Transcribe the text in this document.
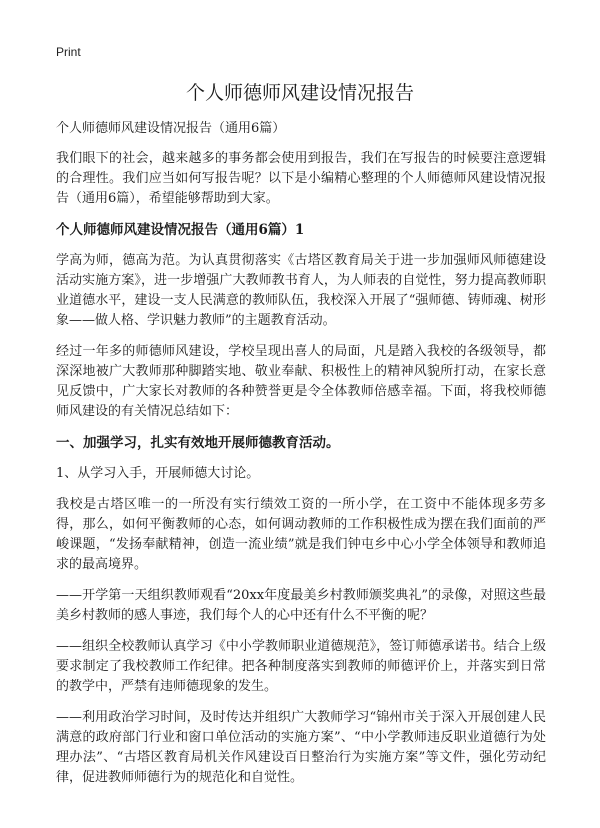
Print
个人师德师风建设情况报告

个人师德师风建设情况报告（通用6篇）

我们眼下的社会，越来越多的事务都会使用到报告，我们在写报告的时候要注意逻辑的合理性。我们应当如何写报告呢？以下是小编精心整理的个人师德师风建设情况报告（通用6篇），希望能够帮助到大家。

个人师德师风建设情况报告（通用6篇）1

学高为师，德高为范。为认真贯彻落实《古塔区教育局关于进一步加强师风师德建设活动实施方案》，进一步增强广大教师教书育人，为人师表的自觉性，努力提高教师职业道德水平，建设一支人民满意的教师队伍，我校深入开展了“强师德、铸师魂、树形象——做人格、学识魅力教师”的主题教育活动。

经过一年多的师德师风建设，学校呈现出喜人的局面，凡是踏入我校的各级领导，都深深地被广大教师那种脚踏实地、敬业奉献、积极性上的精神风貌所打动，在家长意见反馈中，广大家长对教师的各种赞誉更是令全体教师倍感幸福。下面，将我校师德师风建设的有关情况总结如下：

一、加强学习，扎实有效地开展师德教育活动。

1、从学习入手，开展师德大讨论。

我校是古塔区唯一的一所没有实行绩效工资的一所小学，在工资中不能体现多劳多得，那么，如何平衡教师的心态，如何调动教师的工作积极性成为摆在我们面前的严峻课题，“发扬奉献精神，创造一流业绩”就是我们钟屯乡中心小学全体领导和教师追求的最高境界。

——开学第一天组织教师观看“20xx年度最美乡村教师颁奖典礼”的录像，对照这些最美乡村教师的感人事迹，我们每个人的心中还有什么不平衡的呢？

——组织全校教师认真学习《中小学教师职业道德规范》，签订师德承诺书。结合上级要求制定了我校教师工作纪律。把各种制度落实到教师的师德评价上，并落实到日常的教学中，严禁有违师德现象的发生。

——利用政治学习时间，及时传达并组织广大教师学习“锦州市关于深入开展创建人民满意的政府部门行业和窗口单位活动的实施方案”、“中小学教师违反职业道德行为处理办法”、“古塔区教育局机关作风建设百日整治行为实施方案”等文件，强化劳动纪律，促进教师师德行为的规范化和自觉性。
